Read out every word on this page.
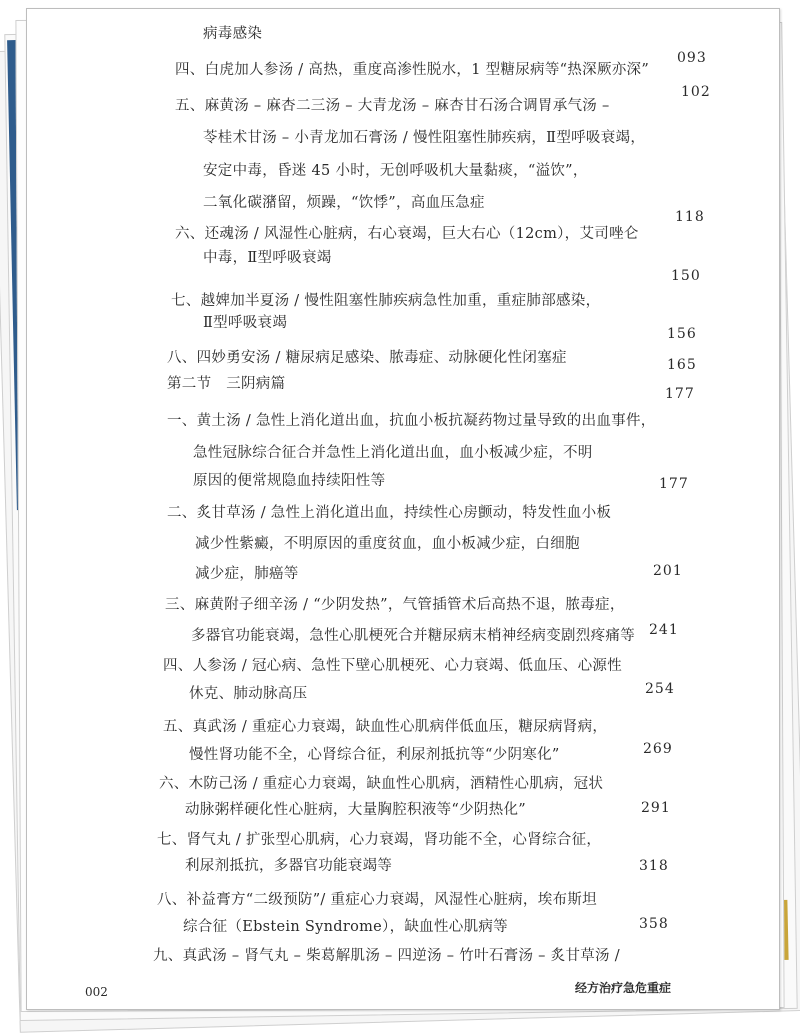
病毒感染
四、白虎加人参汤 / 高热，重度高渗性脱水，1 型糖尿病等“热深厥亦深”
093
五、麻黄汤 – 麻杏二三汤 – 大青龙汤 – 麻杏甘石汤合调胃承气汤 –
苓桂术甘汤 – 小青龙加石膏汤 / 慢性阻塞性肺疾病，Ⅱ型呼吸衰竭，
安定中毒，昏迷 45 小时，无创呼吸机大量黏痰，“溢饮”，
二氧化碳潴留，烦躁，“饮悸”，高血压急症
102
六、还魂汤 / 风湿性心脏病，右心衰竭，巨大右心（12cm），艾司唑仑
中毒，Ⅱ型呼吸衰竭
118
七、越婢加半夏汤 / 慢性阻塞性肺疾病急性加重，重症肺部感染，
Ⅱ型呼吸衰竭
150
八、四妙勇安汤 / 糖尿病足感染、脓毒症、动脉硬化性闭塞症
156
第二节　三阴病篇
165
一、黄土汤 / 急性上消化道出血，抗血小板抗凝药物过量导致的出血事件，
急性冠脉综合征合并急性上消化道出血，血小板减少症，不明
原因的便常规隐血持续阳性等
177
二、炙甘草汤 / 急性上消化道出血，持续性心房颤动，特发性血小板
减少性紫癜，不明原因的重度贫血，血小板减少症，白细胞
减少症，肺癌等
177
三、麻黄附子细辛汤 / “少阴发热”，气管插管术后高热不退，脓毒症，
多器官功能衰竭，急性心肌梗死合并糖尿病末梢神经病变剧烈疼痛等
201
四、人参汤 / 冠心病、急性下壁心肌梗死、心力衰竭、低血压、心源性
休克、肺动脉高压
241
五、真武汤 / 重症心力衰竭，缺血性心肌病伴低血压，糖尿病肾病，
慢性肾功能不全，心肾综合征，利尿剂抵抗等“少阴寒化”
254
六、木防己汤 / 重症心力衰竭，缺血性心肌病，酒精性心肌病，冠状
动脉粥样硬化性心脏病，大量胸腔积液等“少阴热化”
269
七、肾气丸 / 扩张型心肌病，心力衰竭，肾功能不全，心肾综合征，
利尿剂抵抗，多器官功能衰竭等
291
八、补益膏方“二级预防”/ 重症心力衰竭，风湿性心脏病，埃布斯坦
综合征（Ebstein Syndrome），缺血性心肌病等
318
九、真武汤 – 肾气丸 – 柴葛解肌汤 – 四逆汤 – 竹叶石膏汤 – 炙甘草汤 /
358
002	经方治疗急危重症
